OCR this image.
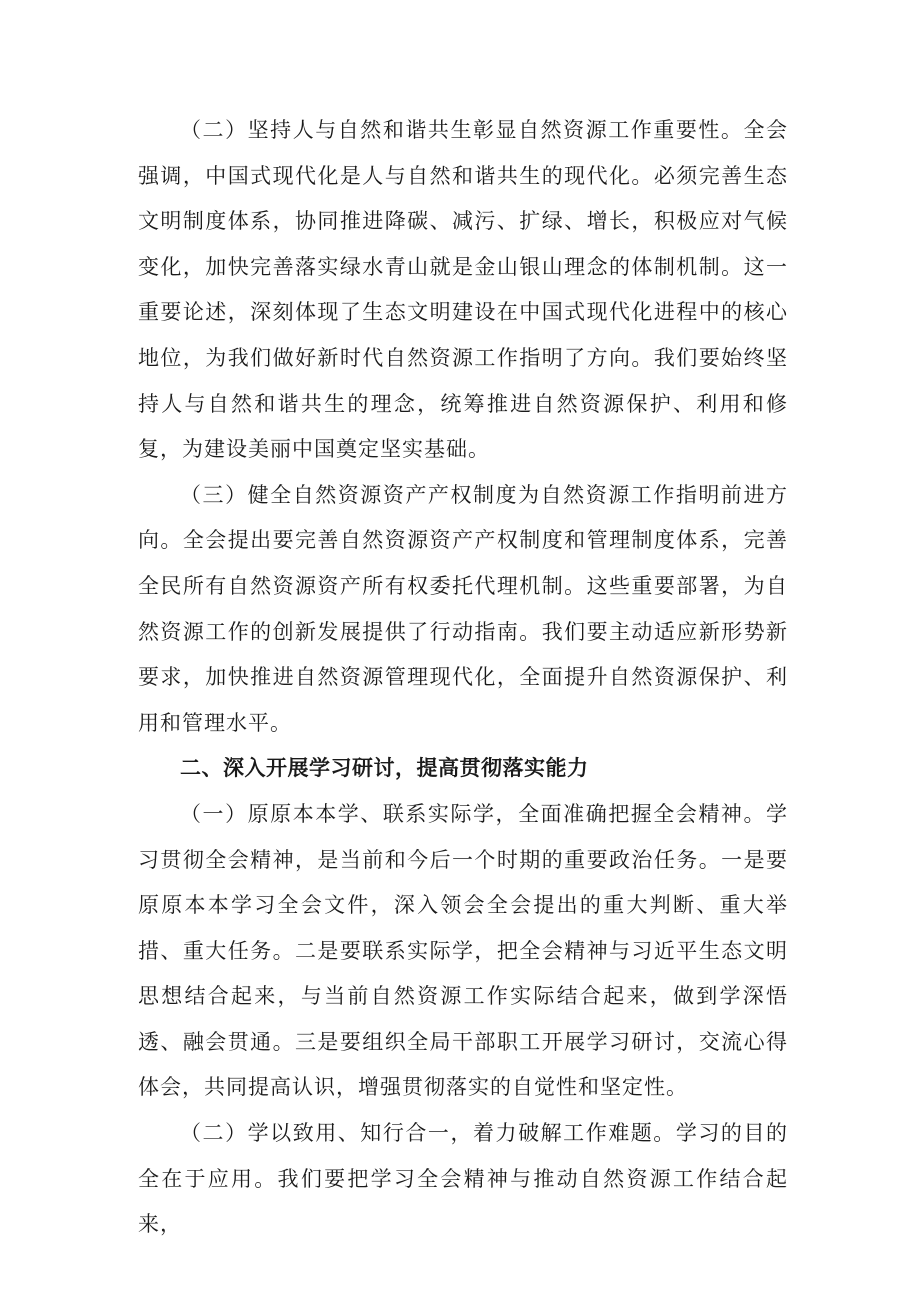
（二）坚持人与自然和谐共生彰显自然资源工作重要性。全会强调，中国式现代化是人与自然和谐共生的现代化。必须完善生态文明制度体系，协同推进降碳、减污、扩绿、增长，积极应对气候变化，加快完善落实绿水青山就是金山银山理念的体制机制。这一重要论述，深刻体现了生态文明建设在中国式现代化进程中的核心地位，为我们做好新时代自然资源工作指明了方向。我们要始终坚持人与自然和谐共生的理念，统筹推进自然资源保护、利用和修复，为建设美丽中国奠定坚实基础。

（三）健全自然资源资产产权制度为自然资源工作指明前进方向。全会提出要完善自然资源资产产权制度和管理制度体系，完善全民所有自然资源资产所有权委托代理机制。这些重要部署，为自然资源工作的创新发展提供了行动指南。我们要主动适应新形势新要求，加快推进自然资源管理现代化，全面提升自然资源保护、利用和管理水平。

二、深入开展学习研讨，提高贯彻落实能力

（一）原原本本学、联系实际学，全面准确把握全会精神。学习贯彻全会精神，是当前和今后一个时期的重要政治任务。一是要原原本本学习全会文件，深入领会全会提出的重大判断、重大举措、重大任务。二是要联系实际学，把全会精神与习近平生态文明思想结合起来，与当前自然资源工作实际结合起来，做到学深悟透、融会贯通。三是要组织全局干部职工开展学习研讨，交流心得体会，共同提高认识，增强贯彻落实的自觉性和坚定性。

（二）学以致用、知行合一，着力破解工作难题。学习的目的全在于应用。我们要把学习全会精神与推动自然资源工作结合起来，
